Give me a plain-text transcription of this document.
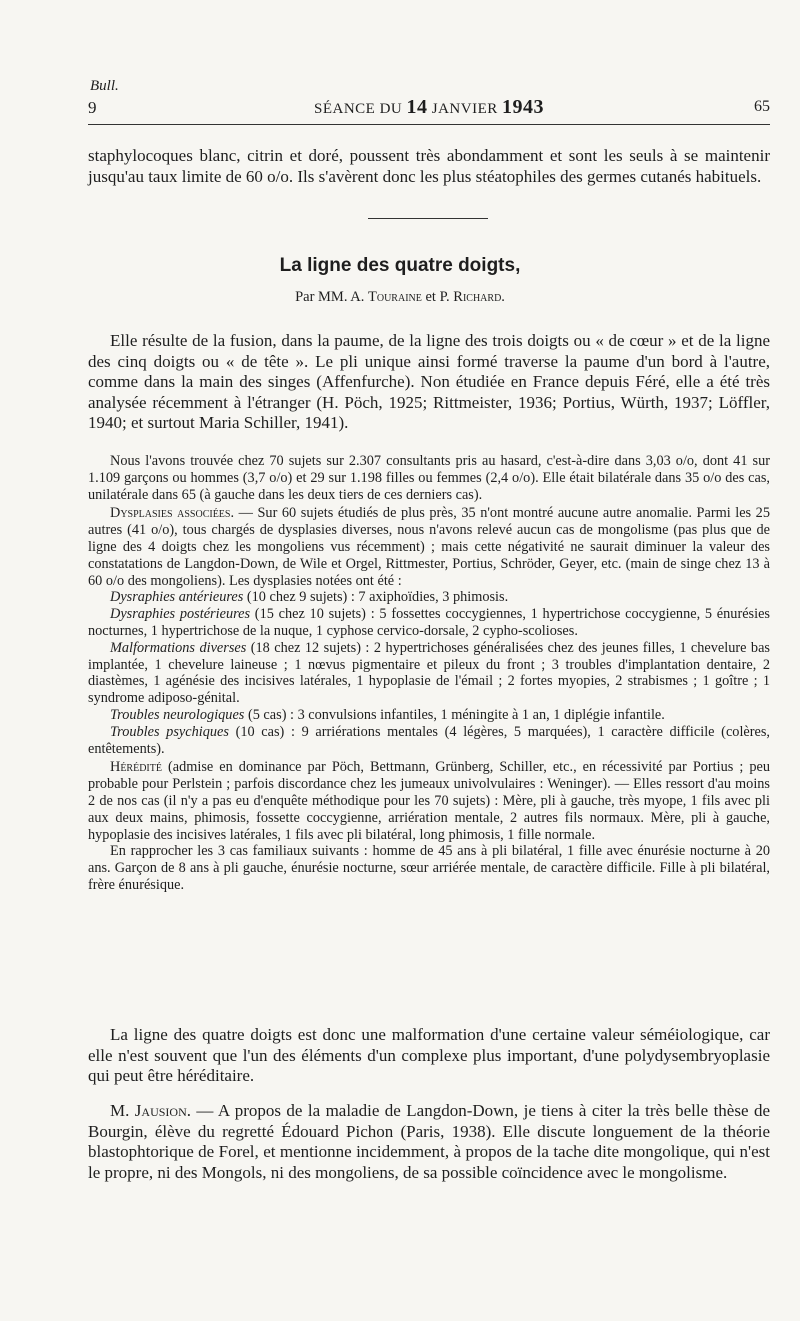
Bull.
9	SÉANCE DU 14 JANVIER 1943	65
staphylocoques blanc, citrin et doré, poussent très abondamment et sont les seuls à se maintenir jusqu'au taux limite de 60 o/o. Ils s'avèrent donc les plus stéatophiles des germes cutanés habituels.
La ligne des quatre doigts,
Par MM. A. Touraine et P. Richard.
Elle résulte de la fusion, dans la paume, de la ligne des trois doigts ou « de cœur » et de la ligne des cinq doigts ou « de tête ». Le pli unique ainsi formé traverse la paume d'un bord à l'autre, comme dans la main des singes (Affenfurche). Non étudiée en France depuis Féré, elle a été très analysée récemment à l'étranger (H. Pöch, 1925; Rittmeister, 1936; Portius, Würth, 1937; Löffler, 1940; et surtout Maria Schiller, 1941).
Nous l'avons trouvée chez 70 sujets sur 2.307 consultants pris au hasard, c'est-à-dire dans 3,03 o/o, dont 41 sur 1.109 garçons ou hommes (3,7 o/o) et 29 sur 1.198 filles ou femmes (2,4 o/o). Elle était bilatérale dans 35 o/o des cas, unilatérale dans 65 (à gauche dans les deux tiers de ces derniers cas).
Dysplasies associées. — Sur 60 sujets étudiés de plus près, 35 n'ont montré aucune autre anomalie. Parmi les 25 autres (41 o/o), tous chargés de dysplasies diverses, nous n'avons relevé aucun cas de mongolisme (pas plus que de ligne des 4 doigts chez les mongoliens vus récemment) ; mais cette négativité ne saurait diminuer la valeur des constatations de Langdon-Down, de Wile et Orgel, Rittmester, Portius, Schröder, Geyer, etc. (main de singe chez 13 à 60 o/o des mongoliens). Les dysplasies notées ont été :
Dysraphies antérieures (10 chez 9 sujets) : 7 axiphoïdies, 3 phimosis.
Dysraphies postérieures (15 chez 10 sujets) : 5 fossettes coccygiennes, 1 hypertrichose coccygienne, 5 énurésies nocturnes, 1 hypertrichose de la nuque, 1 cyphose cervico-dorsale, 2 cypho-scolioses.
Malformations diverses (18 chez 12 sujets) : 2 hypertrichoses généralisées chez des jeunes filles, 1 chevelure bas implantée, 1 chevelure laineuse ; 1 nœvus pigmentaire et pileux du front ; 3 troubles d'implantation dentaire, 2 diastèmes, 1 agénésie des incisives latérales, 1 hypoplasie de l'émail ; 2 fortes myopies, 2 strabismes ; 1 goître ; 1 syndrome adiposo-génital.
Troubles neurologiques (5 cas) : 3 convulsions infantiles, 1 méningite à 1 an, 1 diplégie infantile.
Troubles psychiques (10 cas) : 9 arriérations mentales (4 légères, 5 marquées), 1 caractère difficile (colères, entêtements).
Hérédité (admise en dominance par Pöch, Bettmann, Grünberg, Schiller, etc., en récessivité par Portius ; peu probable pour Perlstein ; parfois discordance chez les jumeaux univolvulaires : Weninger). — Elles ressort d'au moins 2 de nos cas (il n'y a pas eu d'enquête méthodique pour les 70 sujets) : Mère, pli à gauche, très myope, 1 fils avec pli aux deux mains, phimosis, fossette coccygienne, arriération mentale, 2 autres fils normaux. Mère, pli à gauche, hypoplasie des incisives latérales, 1 fils avec pli bilatéral, long phimosis, 1 fille normale.
En rapprocher les 3 cas familiaux suivants : homme de 45 ans à pli bilatéral, 1 fille avec énurésie nocturne à 20 ans. Garçon de 8 ans à pli gauche, énurésie nocturne, sœur arriérée mentale, de caractère difficile. Fille à pli bilatéral, frère énurésique.
La ligne des quatre doigts est donc une malformation d'une certaine valeur séméiologique, car elle n'est souvent que l'un des éléments d'un complexe plus important, d'une polydysembryoplasie qui peut être héréditaire.
M. Jausion. — A propos de la maladie de Langdon-Down, je tiens à citer la très belle thèse de Bourgin, élève du regretté Édouard Pichon (Paris, 1938). Elle discute longuement de la théorie blastophtorique de Forel, et mentionne incidemment, à propos de la tache dite mongolique, qui n'est le propre, ni des Mongols, ni des mongoliens, de sa possible coïncidence avec le mongolisme.
